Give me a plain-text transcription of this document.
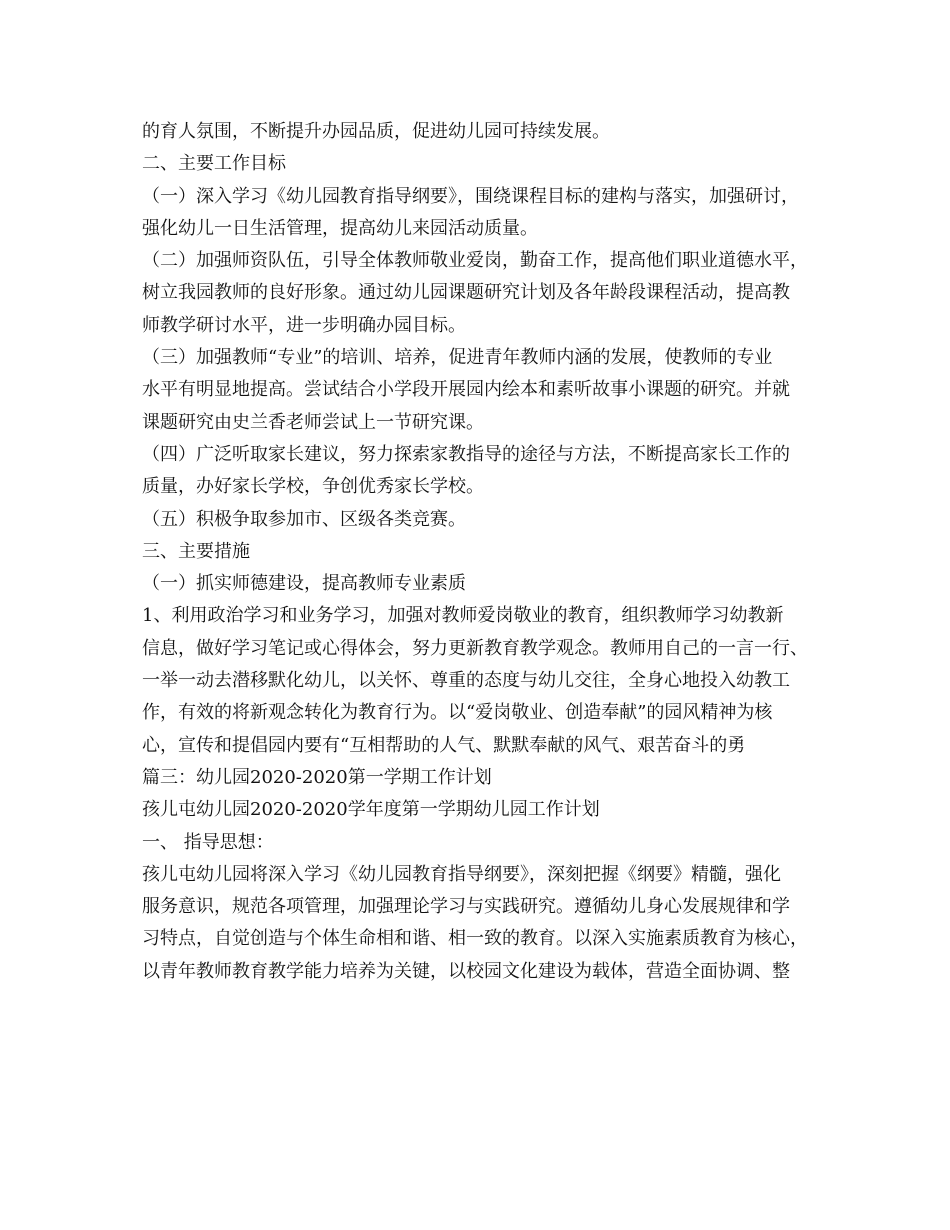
的育人氛围，不断提升办园品质，促进幼儿园可持续发展。
二、主要工作目标
（一）深入学习《幼儿园教育指导纲要》，围绕课程目标的建构与落实，加强研讨，
强化幼儿一日生活管理，提高幼儿来园活动质量。
（二）加强师资队伍，引导全体教师敬业爱岗，勤奋工作，提高他们职业道德水平，
树立我园教师的良好形象。通过幼儿园课题研究计划及各年龄段课程活动，提高教
师教学研讨水平，进一步明确办园目标。
（三）加强教师“专业”的培训、培养，促进青年教师内涵的发展，使教师的专业
水平有明显地提高。尝试结合小学段开展园内绘本和素听故事小课题的研究。并就
课题研究由史兰香老师尝试上一节研究课。
（四）广泛听取家长建议，努力探索家教指导的途径与方法，不断提高家长工作的
质量，办好家长学校，争创优秀家长学校。
（五）积极争取参加市、区级各类竞赛。
三、主要措施
（一）抓实师德建设，提高教师专业素质
1、利用政治学习和业务学习，加强对教师爱岗敬业的教育，组织教师学习幼教新
信息，做好学习笔记或心得体会，努力更新教育教学观念。教师用自己的一言一行、
一举一动去潜移默化幼儿，以关怀、尊重的态度与幼儿交往，全身心地投入幼教工
作，有效的将新观念转化为教育行为。以“爱岗敬业、创造奉献”的园风精神为核
心，宣传和提倡园内要有“互相帮助的人气、默默奉献的风气、艰苦奋斗的勇
篇三：幼儿园2020-2020第一学期工作计划
孩儿屯幼儿园2020-2020学年度第一学期幼儿园工作计划
一、 指导思想：
孩儿屯幼儿园将深入学习《幼儿园教育指导纲要》，深刻把握《纲要》精髓，强化
服务意识，规范各项管理，加强理论学习与实践研究。遵循幼儿身心发展规律和学
习特点，自觉创造与个体生命相和谐、相一致的教育。以深入实施素质教育为核心，
以青年教师教育教学能力培养为关键，以校园文化建设为载体，营造全面协调、整
